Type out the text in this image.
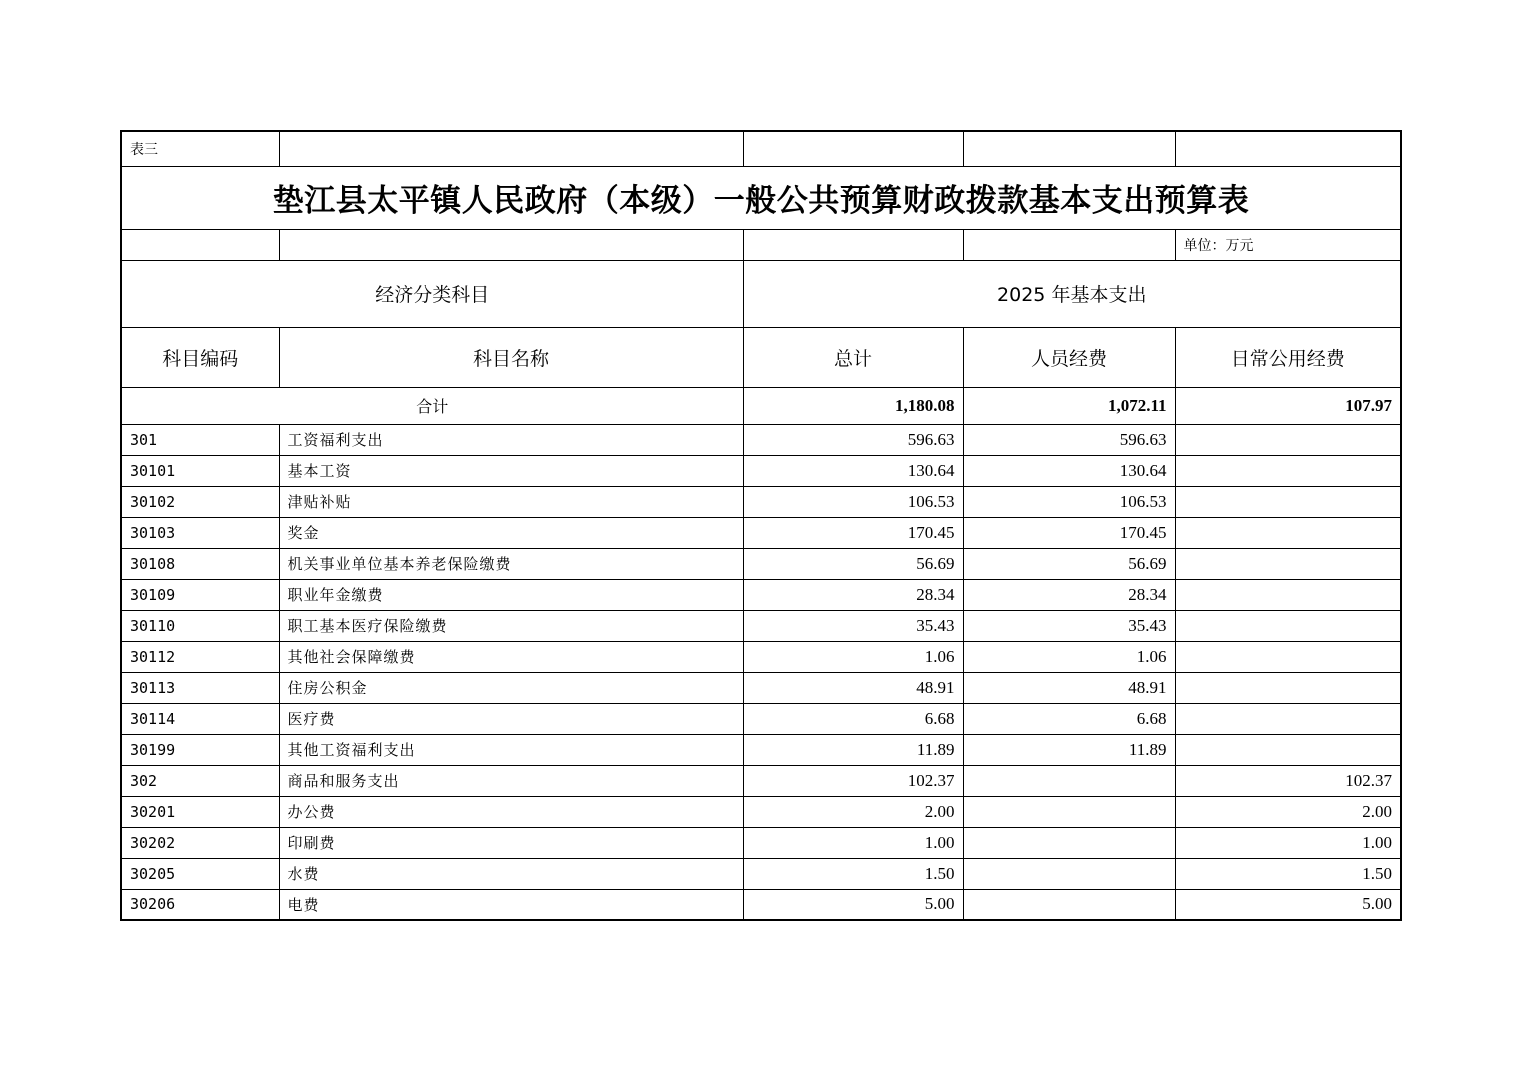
表三				
垫江县太平镇人民政府（本级）一般公共预算财政拨款基本支出预算表				
				单位：万元
经济分类科目		2025 年基本支出		
科目编码	科目名称	总计	人员经费	日常公用经费
合计		1,180.08	1,072.11	107.97
301	工资福利支出	596.63	596.63	
30101	基本工资	130.64	130.64	
30102	津贴补贴	106.53	106.53	
30103	奖金	170.45	170.45	
30108	机关事业单位基本养老保险缴费	56.69	56.69	
30109	职业年金缴费	28.34	28.34	
30110	职工基本医疗保险缴费	35.43	35.43	
30112	其他社会保障缴费	1.06	1.06	
30113	住房公积金	48.91	48.91	
30114	医疗费	6.68	6.68	
30199	其他工资福利支出	11.89	11.89	
302	商品和服务支出	102.37		102.37
30201	办公费	2.00		2.00
30202	印刷费	1.00		1.00
30205	水费	1.50		1.50
30206	电费	5.00		5.00
